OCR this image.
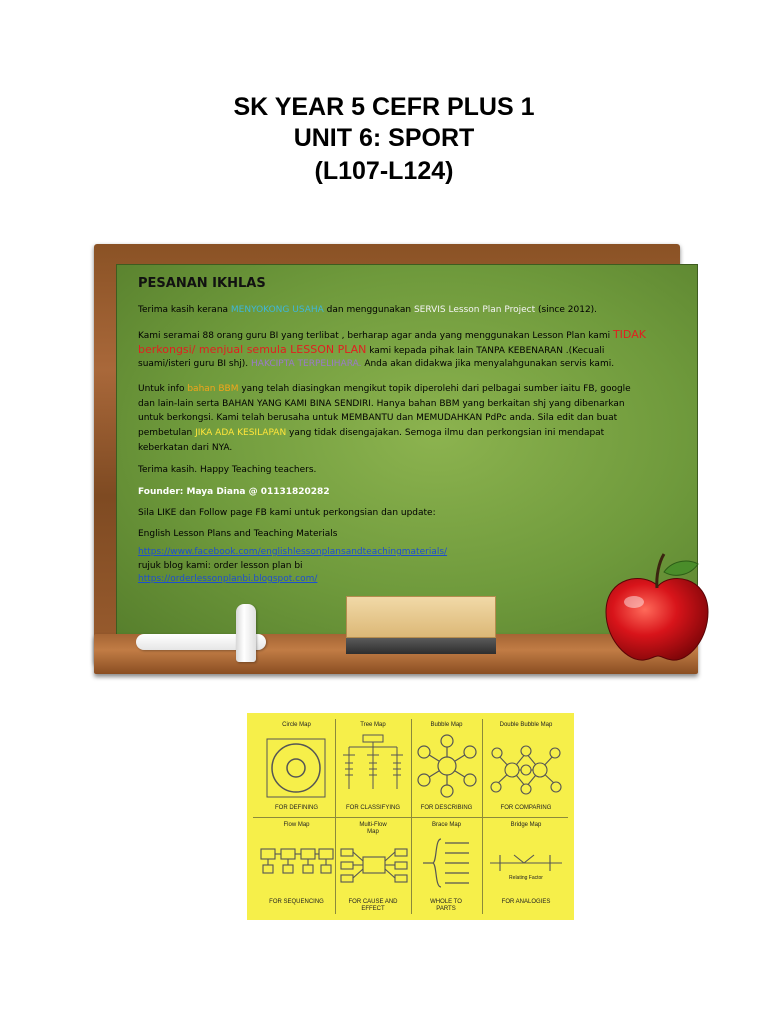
SK YEAR 5 CEFR PLUS 1
UNIT 6: SPORT
(L107-L124)
PESANAN IKHLAS
Terima kasih kerana MENYOKONG USAHA dan menggunakan SERVIS Lesson Plan Project (since 2012).
Kami seramai 88 orang guru BI yang terlibat , berharap agar anda yang menggunakan Lesson Plan kami TIDAK
berkongsi/ menjual semula LESSON PLAN kami kepada pihak lain TANPA KEBENARAN .(Kecuali
suami/isteri guru BI shj). HAKCIPTA TERPELIHARA. Anda akan didakwa jika menyalahgunakan servis kami.
Untuk info bahan BBM yang telah diasingkan mengikut topik diperolehi dari pelbagai sumber iaitu FB, google
dan lain-lain serta BAHAN YANG KAMI BINA SENDIRI. Hanya bahan BBM yang berkaitan shj yang dibenarkan
untuk berkongsi. Kami telah berusaha untuk MEMBANTU dan MEMUDAHKAN PdPc anda. Sila edit dan buat
pembetulan JIKA ADA KESILAPAN yang tidak disengajakan. Semoga ilmu dan perkongsian ini mendapat
keberkatan dari NYA.
Terima kasih. Happy Teaching teachers.
Founder: Maya Diana @ 01131820282
Sila LIKE dan Follow page FB kami untuk perkongsian dan update:
English Lesson Plans and Teaching Materials
https://www.facebook.com/englishlessonplansandteachingmaterials/
rujuk blog kami: order lesson plan bi
https://orderlessonplanbi.blogspot.com/
Circle Map
FOR DEFINING
Tree Map
FOR CLASSIFYING
Bubble Map
FOR DESCRIBING
Double Bubble Map
FOR COMPARING
Flow Map
FOR SEQUENCING
Multi-Flow Map
FOR CAUSE AND EFFECT
Brace Map
WHOLE TO PARTS
Bridge Map
Relating Factor
FOR ANALOGIES
